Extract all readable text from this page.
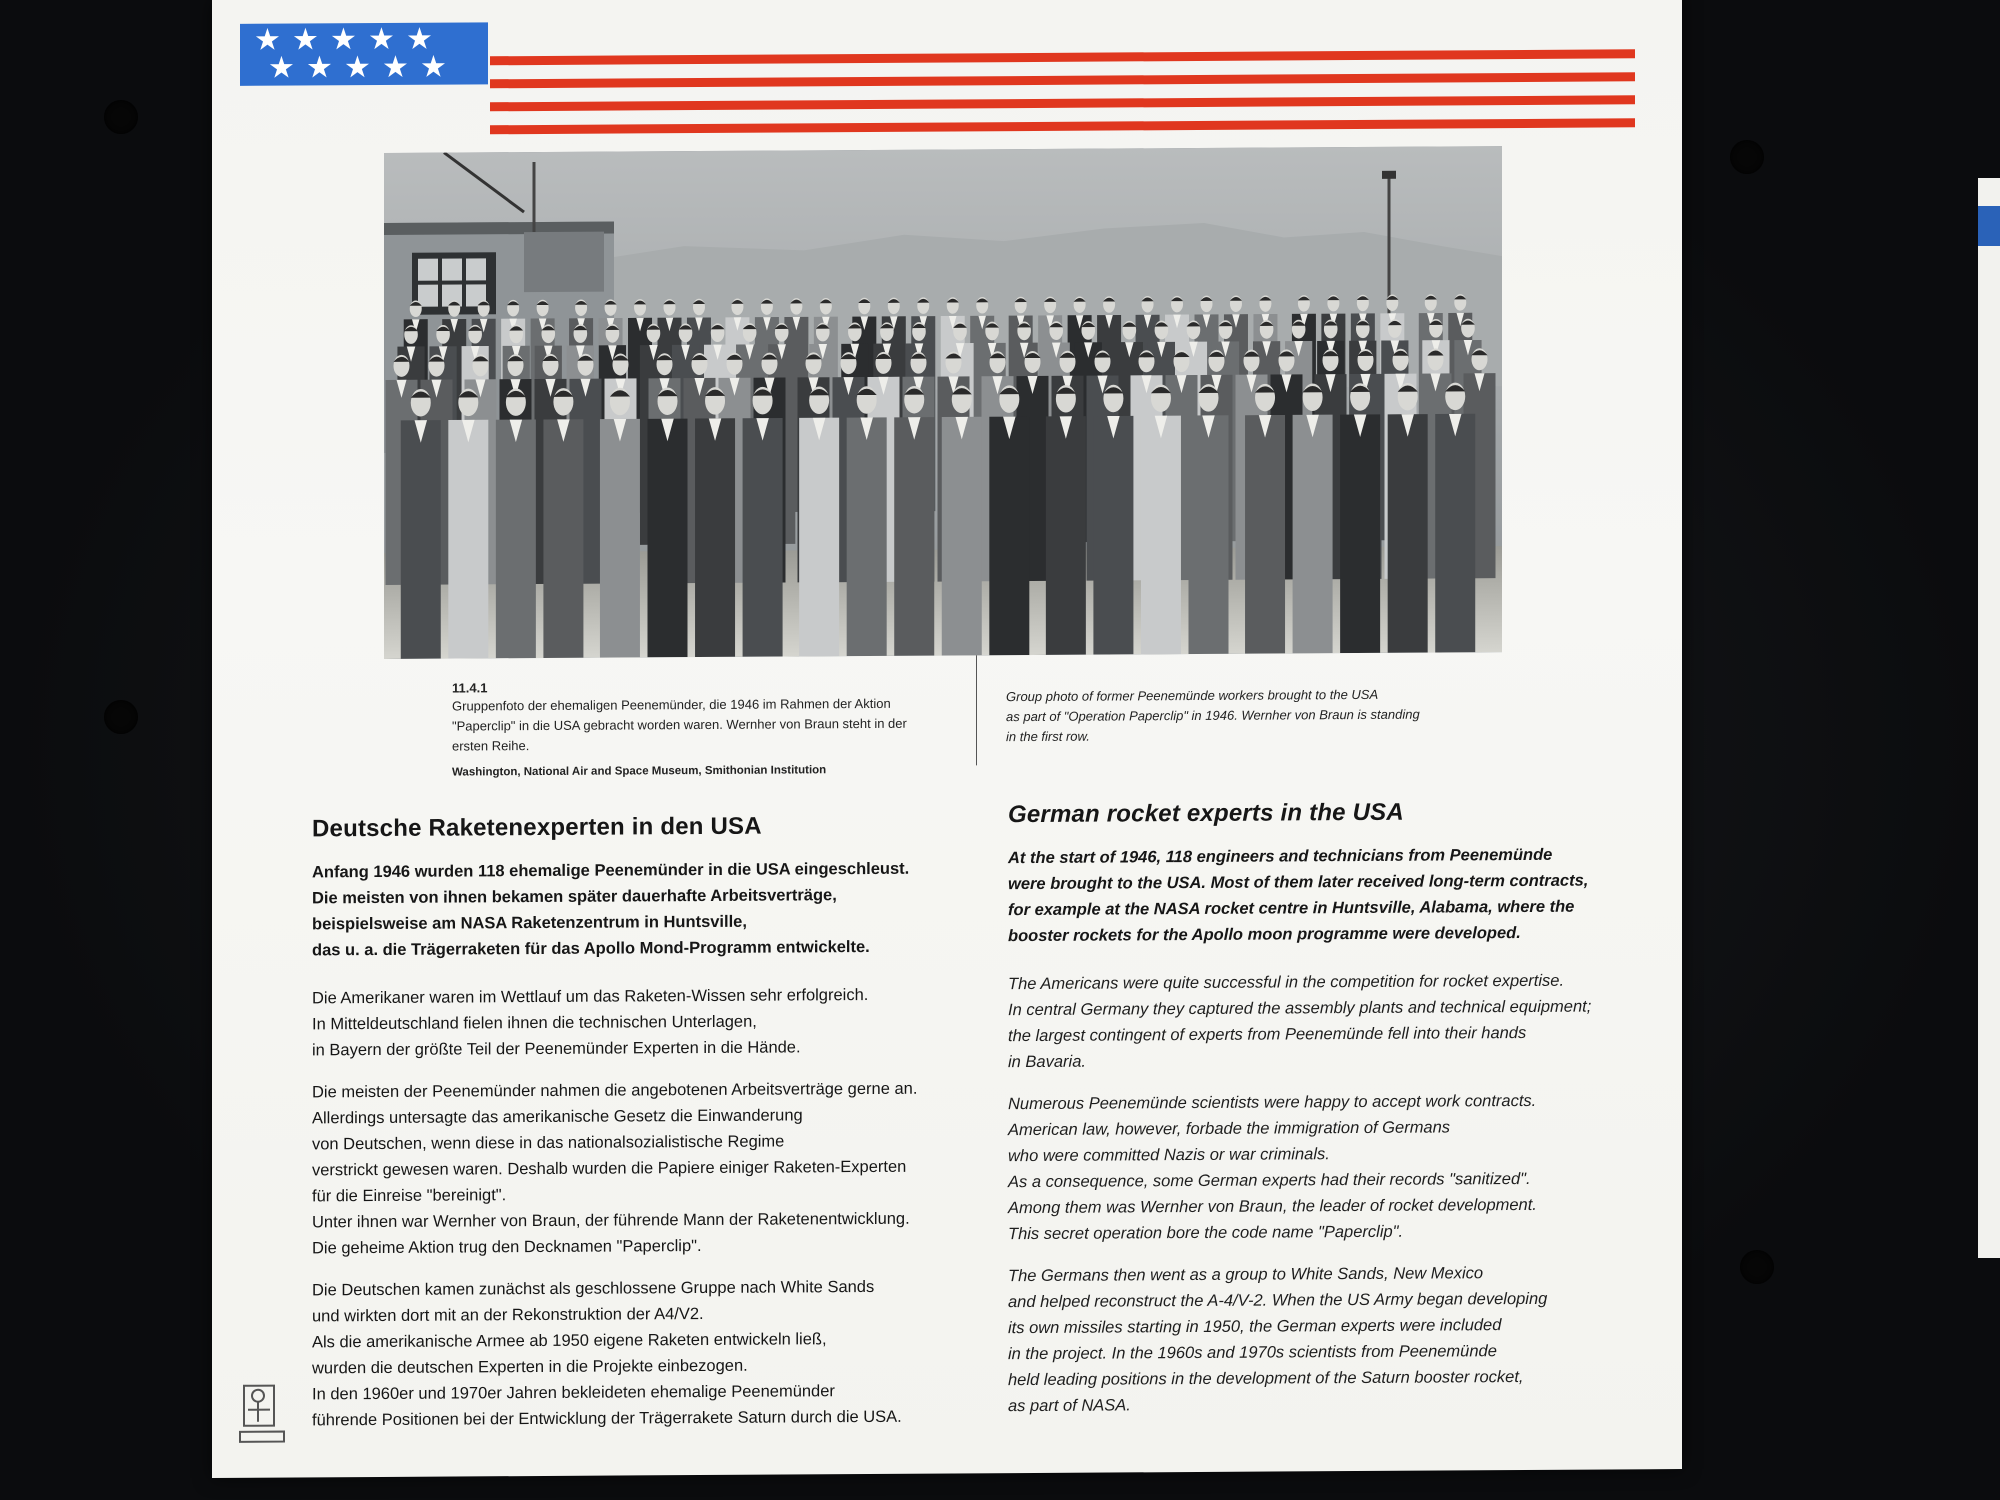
★ ★ ★ ★ ★
★ ★ ★ ★ ★
11.4.1
Gruppenfoto der ehemaligen Peenemünder, die 1946 im Rahmen der Aktion
"Paperclip" in die USA gebracht worden waren. Wernher von Braun steht in der
ersten Reihe.
Washington, National Air and Space Museum, Smithonian Institution
Group photo of former Peenemünde workers brought to the USA
as part of "Operation Paperclip" in 1946. Wernher von Braun is standing
in the first row.
Deutsche Raketenexperten in den USA
Anfang 1946 wurden 118 ehemalige Peenemünder in die USA eingeschleust.
Die meisten von ihnen bekamen später dauerhafte Arbeitsverträge,
beispielsweise am NASA Raketenzentrum in Huntsville,
das u. a. die Trägerraketen für das Apollo Mond-Programm entwickelte.
Die Amerikaner waren im Wettlauf um das Raketen-Wissen sehr erfolgreich.
In Mitteldeutschland fielen ihnen die technischen Unterlagen,
in Bayern der größte Teil der Peenemünder Experten in die Hände.
Die meisten der Peenemünder nahmen die angebotenen Arbeitsverträge gerne an.
Allerdings untersagte das amerikanische Gesetz die Einwanderung
von Deutschen, wenn diese in das nationalsozialistische Regime
verstrickt gewesen waren. Deshalb wurden die Papiere einiger Raketen-Experten
für die Einreise "bereinigt".
Unter ihnen war Wernher von Braun, der führende Mann der Raketenentwicklung.
Die geheime Aktion trug den Decknamen "Paperclip".
Die Deutschen kamen zunächst als geschlossene Gruppe nach White Sands
und wirkten dort mit an der Rekonstruktion der A4/V2.
Als die amerikanische Armee ab 1950 eigene Raketen entwickeln ließ,
wurden die deutschen Experten in die Projekte einbezogen.
In den 1960er und 1970er Jahren bekleideten ehemalige Peenemünder
führende Positionen bei der Entwicklung der Trägerrakete Saturn durch die USA.
German rocket experts in the USA
At the start of 1946, 118 engineers and technicians from Peenemünde
were brought to the USA. Most of them later received long-term contracts,
for example at the NASA rocket centre in Huntsville, Alabama, where the
booster rockets for the Apollo moon programme were developed.
The Americans were quite successful in the competition for rocket expertise.
In central Germany they captured the assembly plants and technical equipment;
the largest contingent of experts from Peenemünde fell into their hands
in Bavaria.
Numerous Peenemünde scientists were happy to accept work contracts.
American law, however, forbade the immigration of Germans
who were committed Nazis or war criminals.
As a consequence, some German experts had their records "sanitized".
Among them was Wernher von Braun, the leader of rocket development.
This secret operation bore the code name "Paperclip".
The Germans then went as a group to White Sands, New Mexico
and helped reconstruct the A-4/V-2. When the US Army began developing
its own missiles starting in 1950, the German experts were included
in the project. In the 1960s and 1970s scientists from Peenemünde
held leading positions in the development of the Saturn booster rocket,
as part of NASA.
